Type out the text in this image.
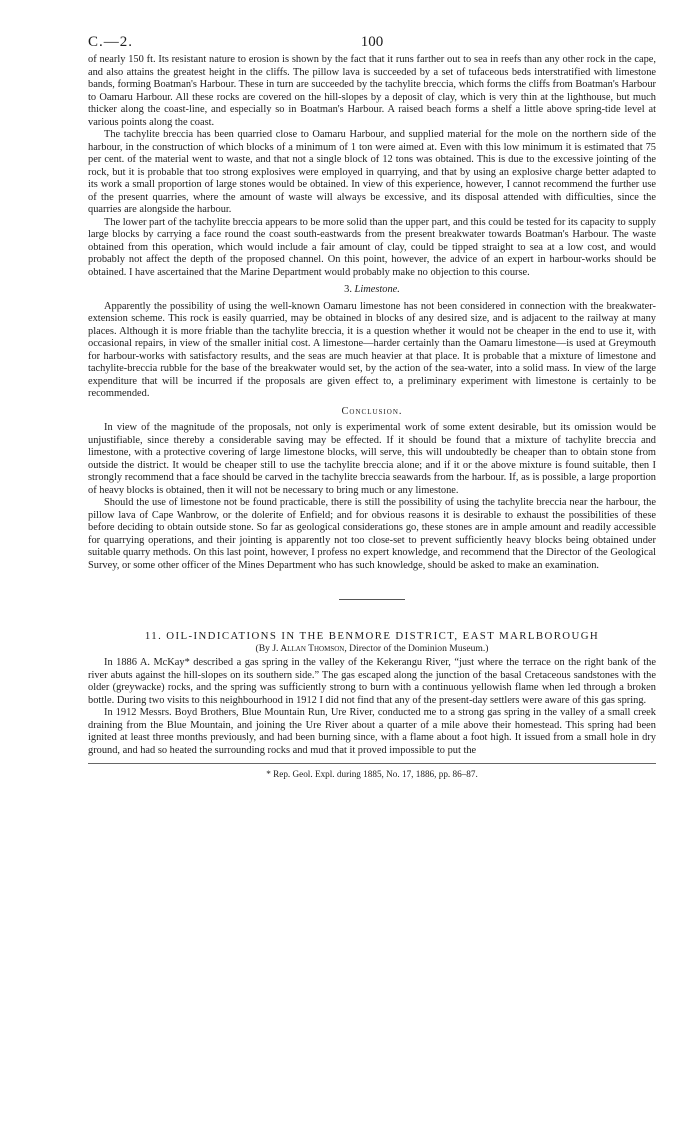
C.—2.	100

of nearly 150 ft. Its resistant nature to erosion is shown by the fact that it runs farther out to sea in reefs than any other rock in the cape, and also attains the greatest height in the cliffs. The pillow lava is succeeded by a set of tufaceous beds interstratified with limestone bands, forming Boatman's Harbour. These in turn are succeeded by the tachylite breccia, which forms the cliffs from Boatman's Harbour to Oamaru Harbour. All these rocks are covered on the hill-slopes by a deposit of clay, which is very thin at the lighthouse, but much thicker along the coast-line, and especially so in Boatman's Harbour. A raised beach forms a shelf a little above spring-tide level at various points along the coast.

The tachylite breccia has been quarried close to Oamaru Harbour, and supplied material for the mole on the northern side of the harbour, in the construction of which blocks of a minimum of 1 ton were aimed at. Even with this low minimum it is estimated that 75 per cent. of the material went to waste, and that not a single block of 12 tons was obtained. This is due to the excessive jointing of the rock, but it is probable that too strong explosives were employed in quarrying, and that by using an explosive charge better adapted to its work a small proportion of large stones would be obtained. In view of this experience, however, I cannot recommend the further use of the present quarries, where the amount of waste will always be excessive, and its disposal attended with difficulties, since the quarries are alongside the harbour.

The lower part of the tachylite breccia appears to be more solid than the upper part, and this could be tested for its capacity to supply large blocks by carrying a face round the coast south-eastwards from the present breakwater towards Boatman's Harbour. The waste obtained from this operation, which would include a fair amount of clay, could be tipped straight to sea at a low cost, and would probably not affect the depth of the proposed channel. On this point, however, the advice of an expert in harbour-works should be obtained. I have ascertained that the Marine Department would probably make no objection to this course.

3. Limestone.

Apparently the possibility of using the well-known Oamaru limestone has not been considered in connection with the breakwater-extension scheme. This rock is easily quarried, may be obtained in blocks of any desired size, and is adjacent to the railway at many places. Although it is more friable than the tachylite breccia, it is a question whether it would not be cheaper in the end to use it, with occasional repairs, in view of the smaller initial cost. A limestone—harder certainly than the Oamaru limestone—is used at Greymouth for harbour-works with satisfactory results, and the seas are much heavier at that place. It is probable that a mixture of limestone and tachylite-breccia rubble for the base of the breakwater would set, by the action of the sea-water, into a solid mass. In view of the large expenditure that will be incurred if the proposals are given effect to, a preliminary experiment with limestone is certainly to be recommended.

Conclusion.

In view of the magnitude of the proposals, not only is experimental work of some extent desirable, but its omission would be unjustifiable, since thereby a considerable saving may be effected. If it should be found that a mixture of tachylite breccia and limestone, with a protective covering of large limestone blocks, will serve, this will undoubtedly be cheaper than to obtain stone from outside the district. It would be cheaper still to use the tachylite breccia alone; and if it or the above mixture is found suitable, then I strongly recommend that a face should be carved in the tachylite breccia seawards from the harbour. If, as is possible, a large proportion of heavy blocks is obtained, then it will not be necessary to bring much or any limestone.

Should the use of limestone not be found practicable, there is still the possibility of using the tachylite breccia near the harbour, the pillow lava of Cape Wanbrow, or the dolerite of Enfield; and for obvious reasons it is desirable to exhaust the possibilities of these before deciding to obtain outside stone. So far as geological considerations go, these stones are in ample amount and readily accessible for quarrying operations, and their jointing is apparently not too close-set to prevent sufficiently heavy blocks being obtained under suitable quarry methods. On this last point, however, I profess no expert knowledge, and recommend that the Director of the Geological Survey, or some other officer of the Mines Department who has such knowledge, should be asked to make an examination.

11. OIL-INDICATIONS IN THE BENMORE DISTRICT, EAST MARLBOROUGH
(By J. Allan Thomson, Director of the Dominion Museum.)

In 1886 A. McKay* described a gas spring in the valley of the Kekerangu River, “just where the terrace on the right bank of the river abuts against the hill-slopes on its southern side.” The gas escaped along the junction of the basal Cretaceous sandstones with the older (greywacke) rocks, and the spring was sufficiently strong to burn with a continuous yellowish flame when led through a broken bottle. During two visits to this neighbourhood in 1912 I did not find that any of the present-day settlers were aware of this gas spring.

In 1912 Messrs. Boyd Brothers, Blue Mountain Run, Ure River, conducted me to a strong gas spring in the valley of a small creek draining from the Blue Mountain, and joining the Ure River about a quarter of a mile above their homestead. This spring had been ignited at least three months previously, and had been burning since, with a flame about a foot high. It issued from a small hole in dry ground, and had so heated the surrounding rocks and mud that it proved impossible to put the

* Rep. Geol. Expl. during 1885, No. 17, 1886, pp. 86–87.
